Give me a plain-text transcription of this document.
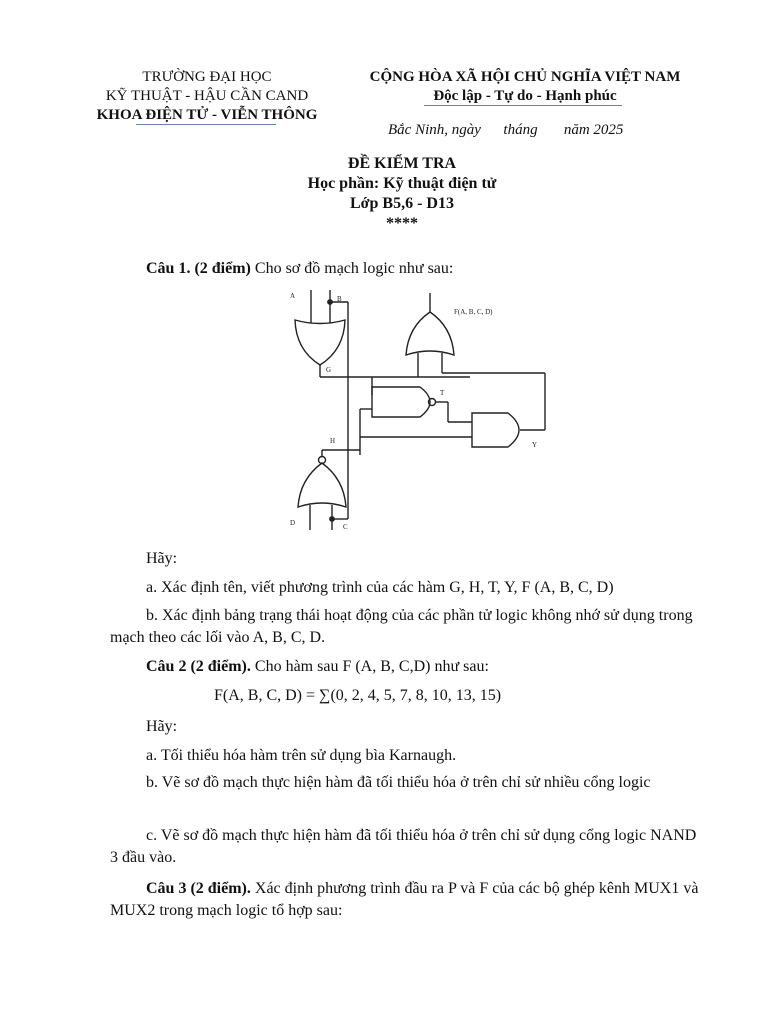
TRƯỜNG ĐẠI HỌC
KỸ THUẬT - HẬU CẦN CAND
KHOA ĐIỆN TỬ - VIỄN THÔNG
CỘNG HÒA XÃ HỘI CHỦ NGHĨA VIỆT NAM
Độc lập - Tự do - Hạnh phúc
Bắc Ninh, ngày      tháng       năm 2025
ĐỀ KIỂM TRA
Học phần: Kỹ thuật điện tử
Lớp B5,6 - D13
****
Câu 1. (2 điểm) Cho sơ đồ mạch logic như sau:
A	B
G
F(A, B, C, D)
T
Y
H
D	C
Hãy:
a. Xác định tên, viết phương trình của các hàm G, H, T, Y, F (A, B, C, D)
b. Xác định bảng trạng thái hoạt động của các phần tử logic không nhớ sử dụng trong mạch theo các lối vào A, B, C, D.
Câu 2 (2 điểm). Cho hàm sau F (A, B, C,D) như sau:
F(A, B, C, D) = ∑(0, 2, 4, 5, 7, 8, 10, 13, 15)
Hãy:
a. Tối thiểu hóa hàm trên sử dụng bìa Karnaugh.
b. Vẽ sơ đồ mạch thực hiện hàm đã tối thiểu hóa ở trên chỉ sử nhiều cổng logic
c. Vẽ sơ đồ mạch thực hiện hàm đã tối thiểu hóa ở trên chỉ sử dụng cổng logic NAND 3 đầu vào.
Câu 3 (2 điểm). Xác định phương trình đầu ra P và F của các bộ ghép kênh MUX1 và MUX2 trong mạch logic tổ hợp sau:
